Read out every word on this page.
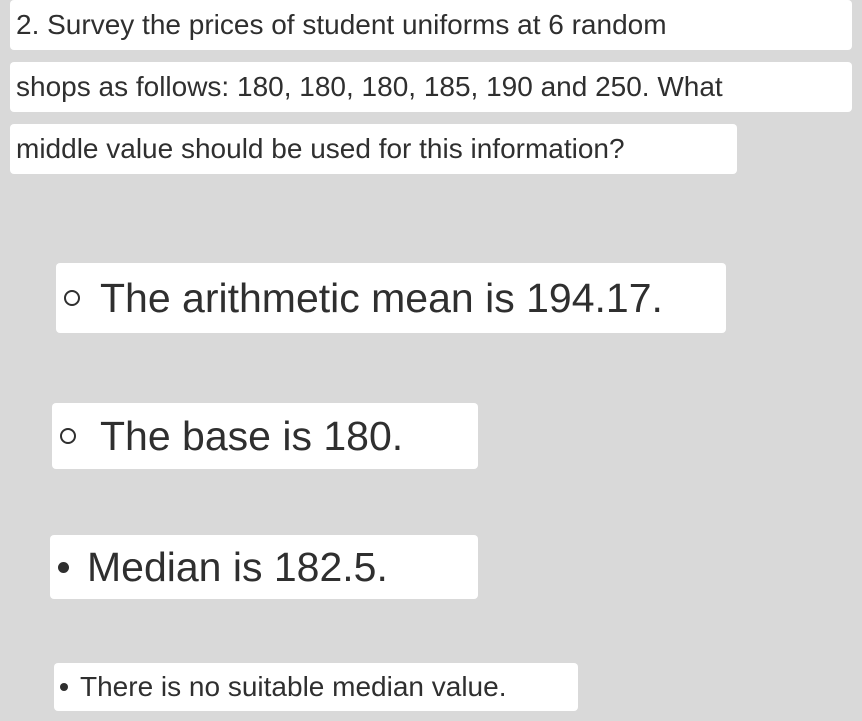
2. Survey the prices of student uniforms at 6 random
shops as follows: 180, 180, 180, 185, 190 and 250. What
middle value should be used for this information?
The arithmetic mean is 194.17.
The base is 180.
Median is 182.5.
There is no suitable median value.
